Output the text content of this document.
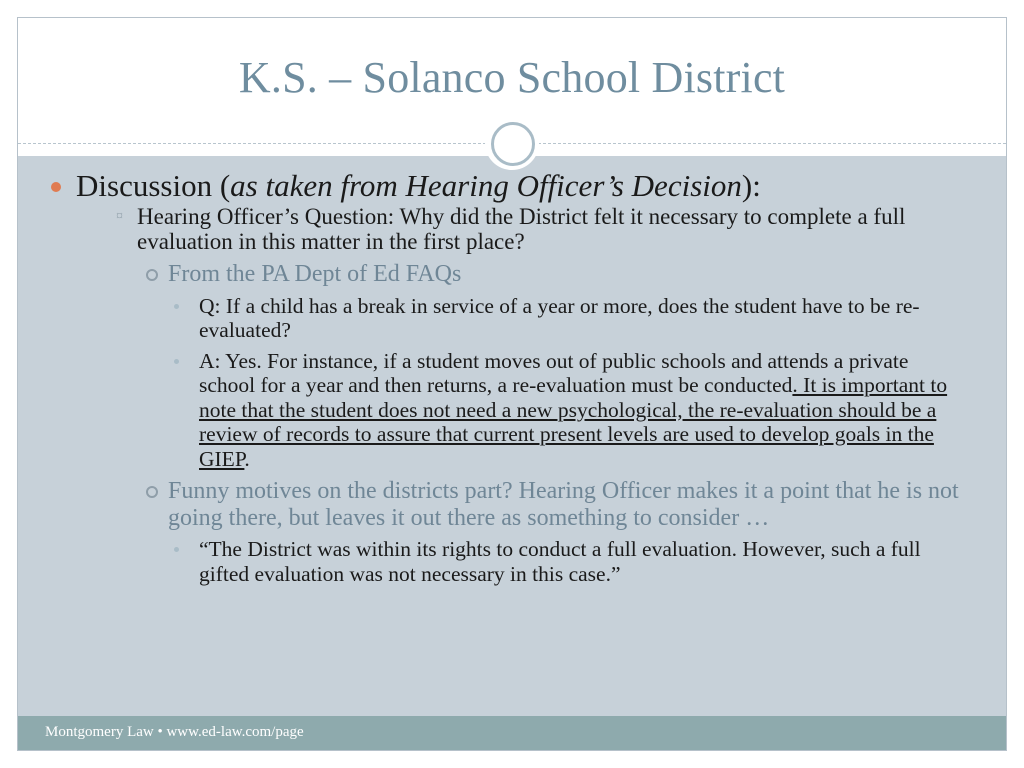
K.S. – Solanco School District
Discussion (as taken from Hearing Officer’s Decision):
¤ Hearing Officer’s Question: Why did the District felt it necessary to complete a full evaluation in this matter in the first place?
From the PA Dept of Ed FAQs
Q: If a child has a break in service of a year or more, does the student have to be re- evaluated?
A: Yes. For instance, if a student moves out of public schools and attends a private school for a year and then returns, a re-evaluation must be conducted. It is important to note that the student does not need a new psychological, the re-evaluation should be a review of records to assure that current present levels are used to develop goals in the GIEP.
Funny motives on the districts part? Hearing Officer makes it a point that he is not going there, but leaves it out there as something to consider …
“The District was within its rights to conduct a full evaluation. However, such a full gifted evaluation was not necessary in this case.”
Montgomery Law • www.ed-law.com/page
